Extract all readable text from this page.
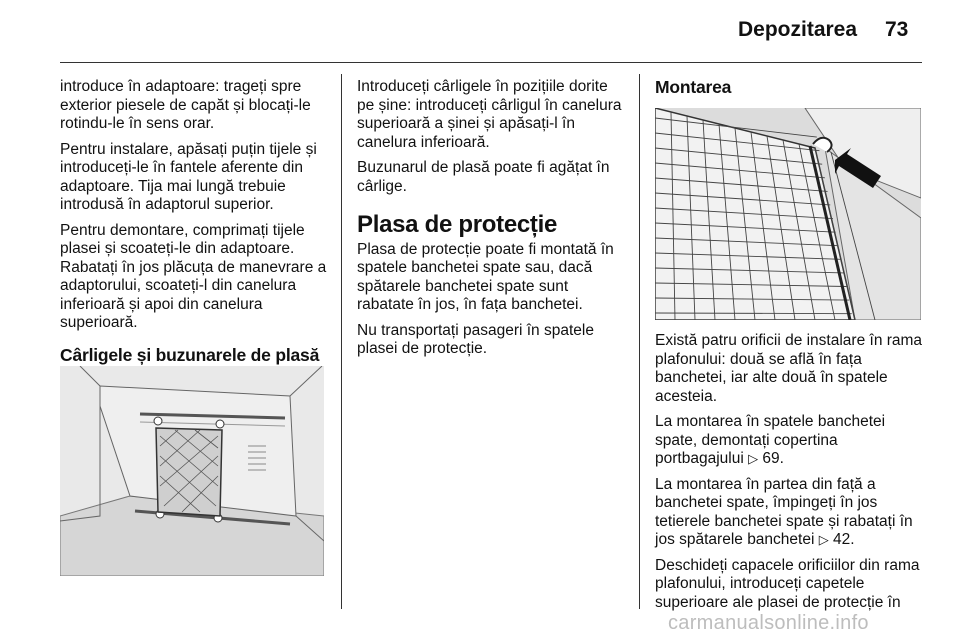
Depozitarea 73

introduce în adaptoare: trageți spre exterior piesele de capăt și blocați-le rotindu-le în sens orar.

Pentru instalare, apăsați puțin tijele și introduceți-le în fantele aferente din adaptoare. Tija mai lungă trebuie introdusă în adaptorul superior.

Pentru demontare, comprimați tijele plasei și scoateți-le din adaptoare. Rabatați în jos plăcuța de manevrare a adaptorului, scoateți-l din canelura inferioară și apoi din canelura superioară.

Cârligele și buzunarele de plasă

Introduceți cârligele în pozițiile dorite pe șine: introduceți cârligul în canelura superioară a șinei și apăsați-l în canelura inferioară.

Buzunarul de plasă poate fi agățat în cârlige.

Plasa de protecție

Plasa de protecție poate fi montată în spatele banchetei spate sau, dacă spătarele banchetei spate sunt rabatate în jos, în fața banchetei.

Nu transportați pasageri în spatele plasei de protecție.

Montarea

Există patru orificii de instalare în rama plafonului: două se află în fața banchetei, iar alte două în spatele acesteia.

La montarea în spatele banchetei spate, demontați copertina portbagajului ▷ 69.

La montarea în partea din față a banchetei spate, împingeți în jos tetierele banchetei spate și rabatați în jos spătarele banchetei ▷ 42.

Deschideți capacele orificiilor din rama plafonului, introduceți capetele superioare ale plasei de protecție în

carmanualsonline.info
